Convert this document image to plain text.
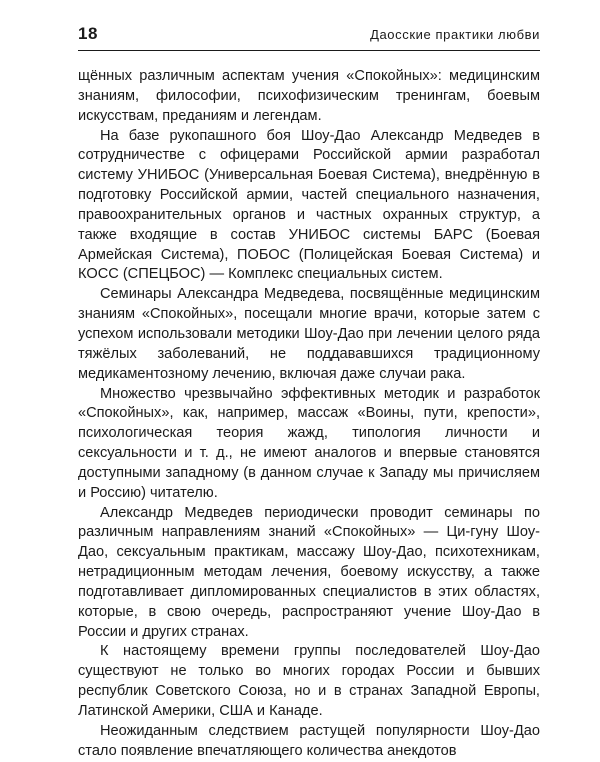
18	Даосские практики любви

щённых различным аспектам учения «Спокойных»: медицинским знаниям, философии, психофизическим тренингам, боевым искусствам, преданиям и легендам.

На базе рукопашного боя Шоу-Дао Александр Медведев в сотрудничестве с офицерами Российской армии разработал систему УНИБОС (Универсальная Боевая Система), внедрённую в подготовку Российской армии, частей специального назначения, правоохранительных органов и частных охранных структур, а также входящие в состав УНИБОС системы БАРС (Боевая Армейская Система), ПОБОС (Полицейская Боевая Система) и КОСС (СПЕЦБОС) — Комплекс специальных систем.

Семинары Александра Медведева, посвящённые медицинским знаниям «Спокойных», посещали многие врачи, которые затем с успехом использовали методики Шоу-Дао при лечении целого ряда тяжёлых заболеваний, не поддававшихся традиционному медикаментозному лечению, включая даже случаи рака.

Множество чрезвычайно эффективных методик и разработок «Спокойных», как, например, массаж «Воины, пути, крепости», психологическая теория жажд, типология личности и сексуальности и т. д., не имеют аналогов и впервые становятся доступными западному (в данном случае к Западу мы причисляем и Россию) читателю.

Александр Медведев периодически проводит семинары по различным направлениям знаний «Спокойных» — Ци-гуну Шоу-Дао, сексуальным практикам, массажу Шоу-Дао, психотехникам, нетрадиционным методам лечения, боевому искусству, а также подготавливает дипломированных специалистов в этих областях, которые, в свою очередь, распространяют учение Шоу-Дао в России и других странах.

К настоящему времени группы последователей Шоу-Дао существуют не только во многих городах России и бывших республик Советского Союза, но и в странах Западной Европы, Латинской Америки, США и Канаде.

Неожиданным следствием растущей популярности Шоу-Дао стало появление впечатляющего количества анекдотов
